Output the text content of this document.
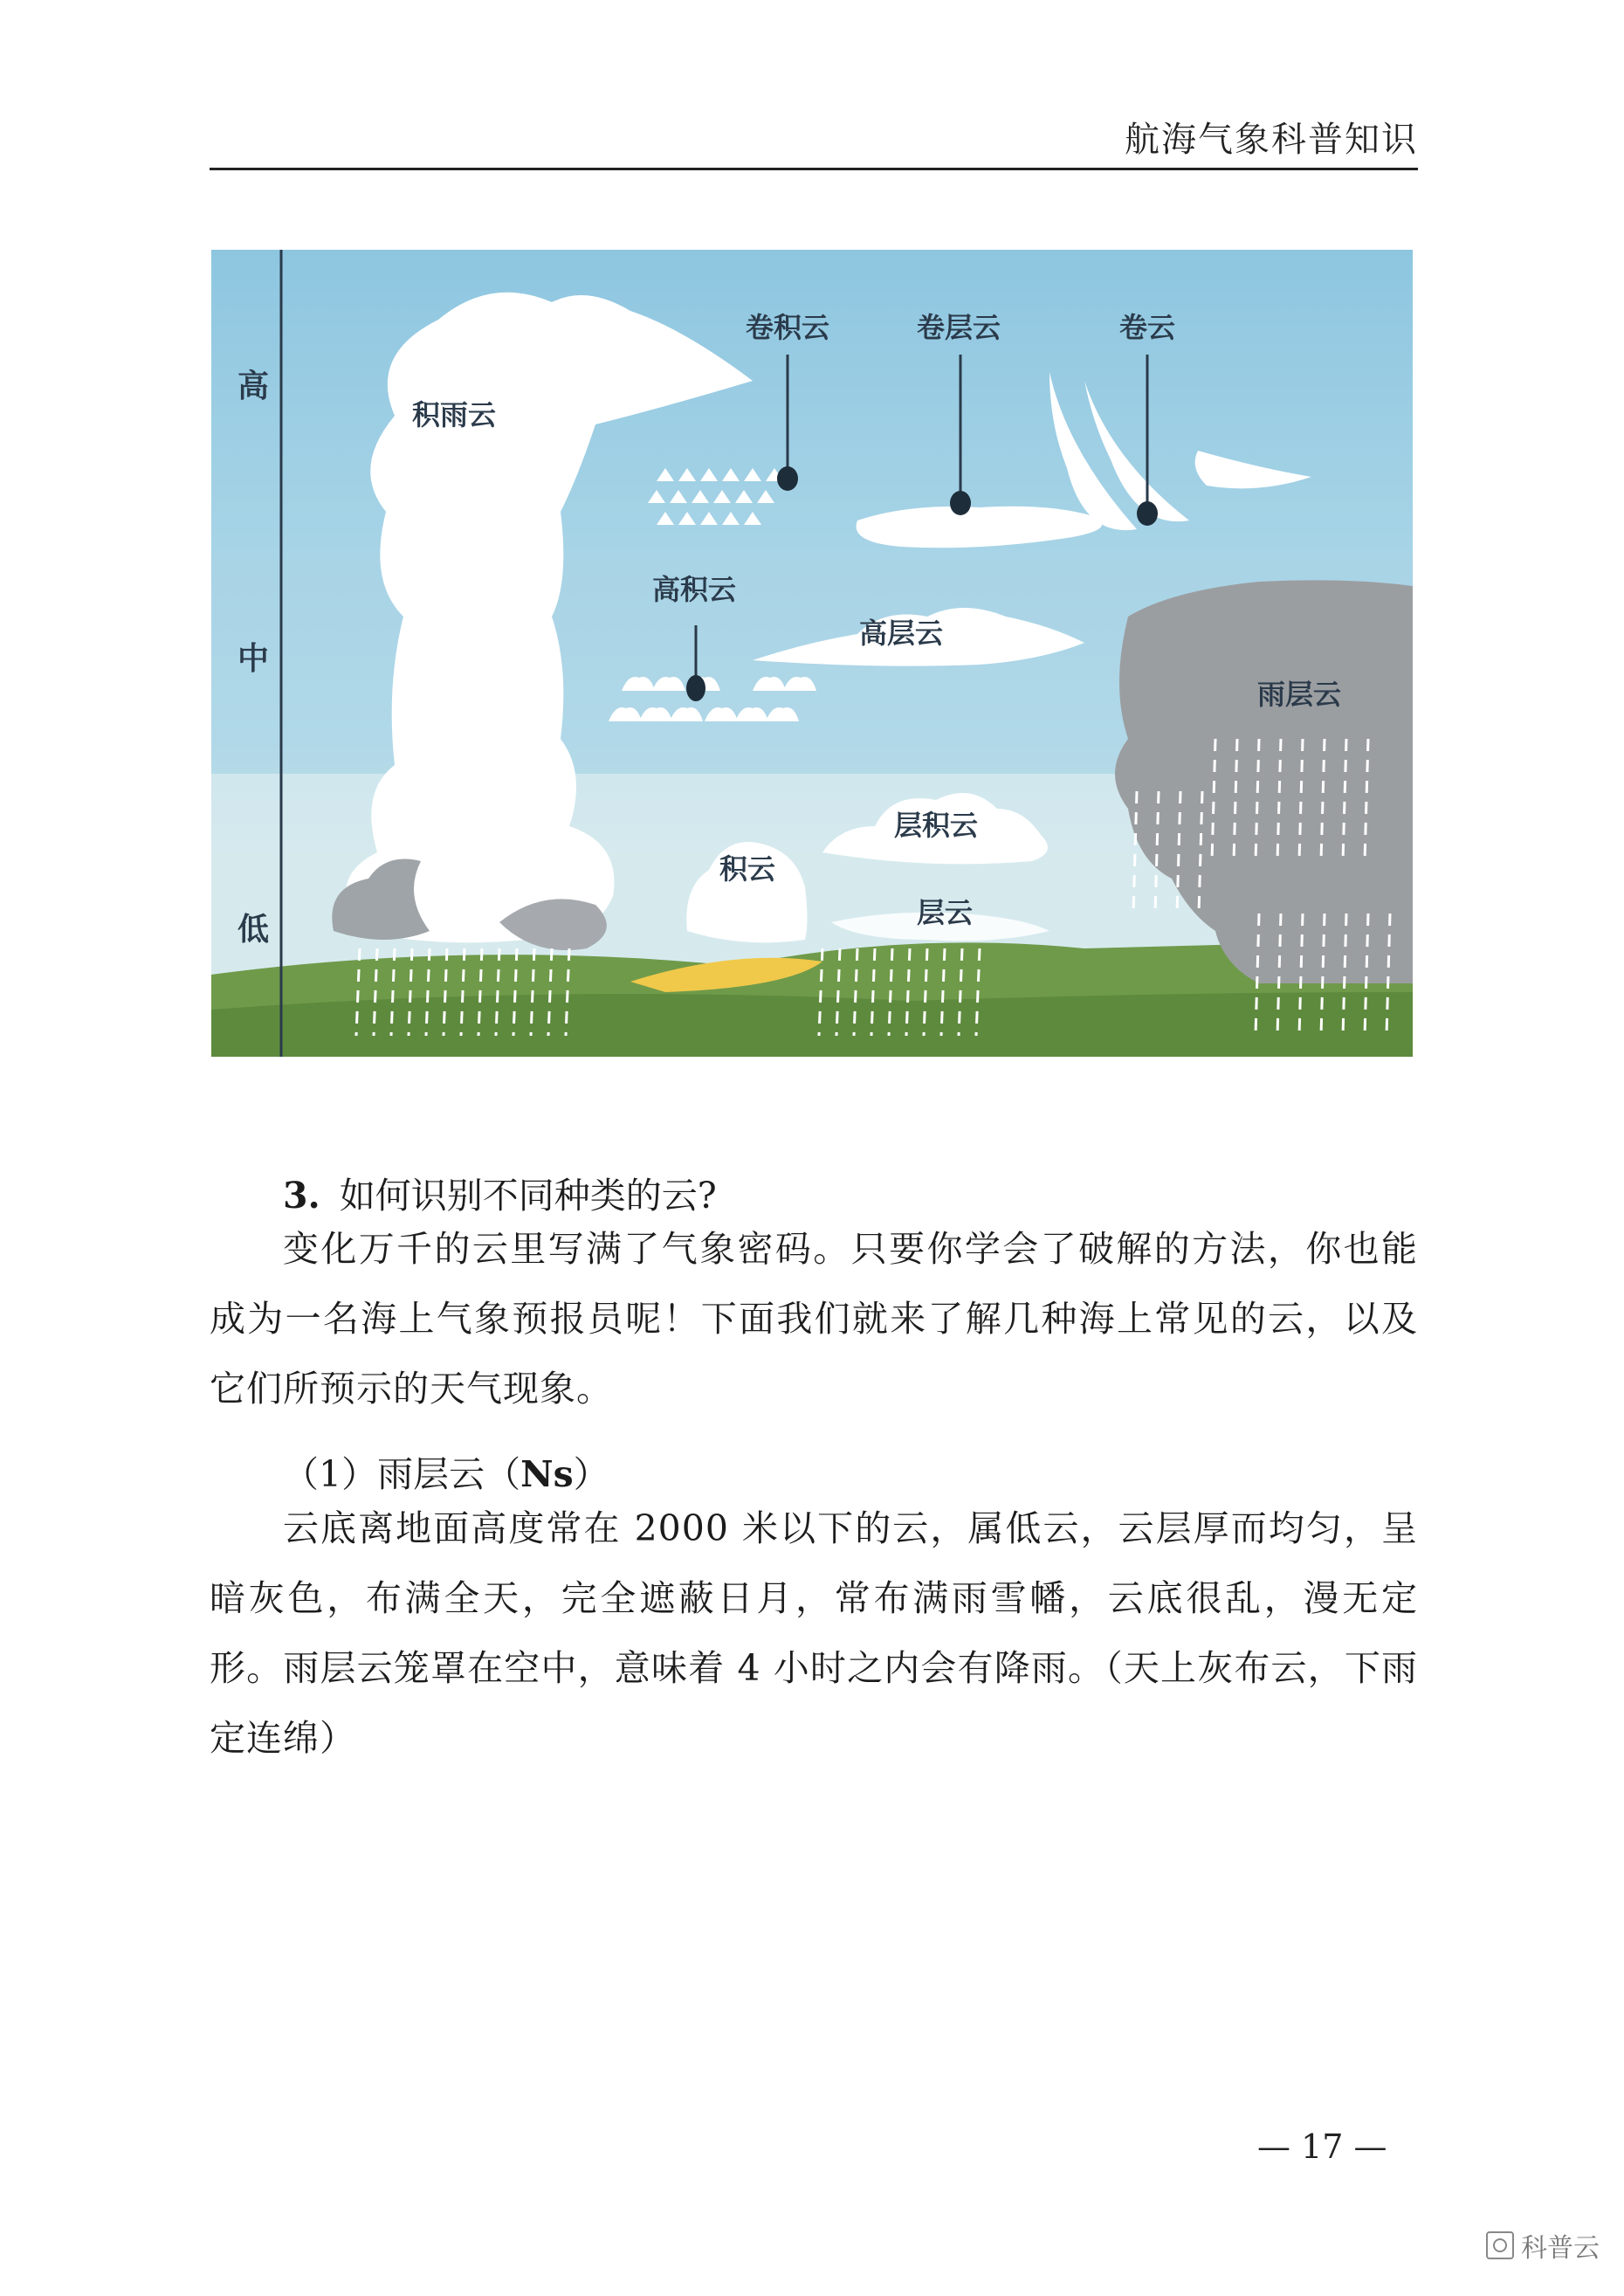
航海气象科普知识
高
中
低
积雨云
卷积云	卷层云	卷云
高积云
高层云
雨层云
层积云
积云
层云
3. 如何识别不同种类的云?

变化万千的云里写满了气象密码。只要你学会了破解的方法，你也能成为一名海上气象预报员呢！下面我们就来了解几种海上常见的云，以及它们所预示的天气现象。

（1）雨层云（Ns）

云底离地面高度常在 2000 米以下的云，属低云，云层厚而均匀，呈暗灰色，布满全天，完全遮蔽日月，常布满雨雪幡，云底很乱，漫无定形。雨层云笼罩在空中，意味着 4 小时之内会有降雨。（天上灰布云，下雨定连绵）

— 17 —
科普云
